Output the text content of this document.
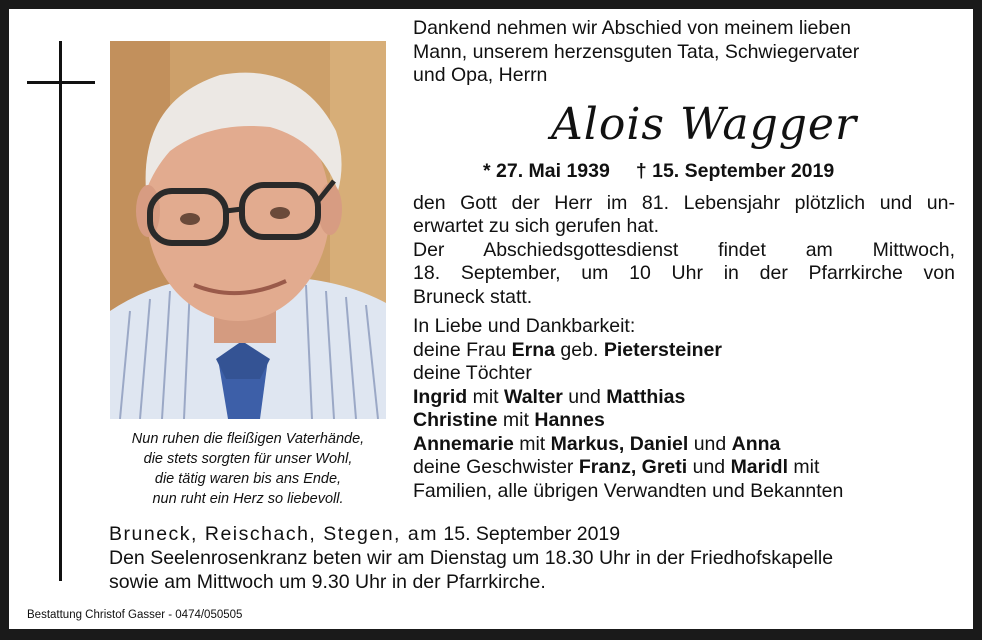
Nun ruhen die fleißigen Vaterhände,
die stets sorgten für unser Wohl,
die tätig waren bis ans Ende,
nun ruht ein Herz so liebevoll.
Dankend nehmen wir Abschied von meinem lieben
Mann, unserem herzensguten Tata, Schwiegervater
und Opa, Herrn
Alois Wagger
* 27. Mai 1939 † 15. September 2019
den Gott der Herr im 81. Lebensjahr plötzlich und un-
erwartet zu sich gerufen hat.
Der Abschiedsgottesdienst findet am Mittwoch,
18. September, um 10 Uhr in der Pfarrkirche von
Bruneck statt.
In Liebe und Dankbarkeit:
deine Frau Erna geb. Pietersteiner
deine Töchter
Ingrid mit Walter und Matthias
Christine mit Hannes
Annemarie mit Markus, Daniel und Anna
deine Geschwister Franz, Greti und Maridl mit
Familien, alle übrigen Verwandten und Bekannten
Bruneck, Reischach, Stegen, am 15. September 2019
Den Seelenrosenkranz beten wir am Dienstag um 18.30 Uhr in der Friedhofskapelle
sowie am Mittwoch um 9.30 Uhr in der Pfarrkirche.
Bestattung Christof Gasser - 0474/050505
